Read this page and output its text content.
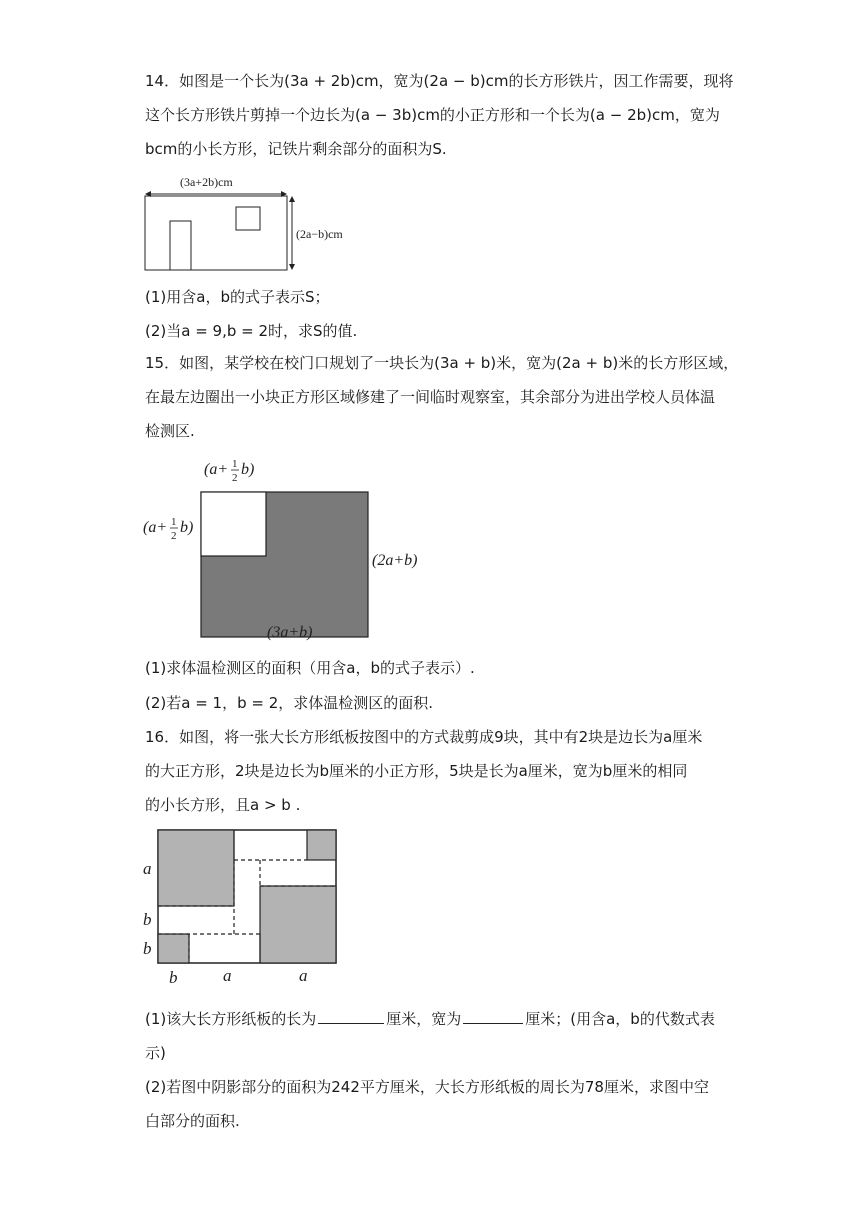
14．如图是一个长为(3a + 2b)cm，宽为(2a − b)cm的长方形铁片，因工作需要，现将
这个长方形铁片剪掉一个边长为(a − 3b)cm的小正方形和一个长为(a − 2b)cm，宽为
bcm的小长方形，记铁片剩余部分的面积为S.
(3a+2b)cm
(2a−b)cm
(1)用含a，b的式子表示S；
(2)当a = 9,b = 2时，求S的值.
15．如图，某学校在校门口规划了一块长为(3a + b)米，宽为(2a + b)米的长方形区域，
在最左边圈出一小块正方形区域修建了一间临时观察室，其余部分为进出学校人员体温
检测区.
(a+ 1
2 b)
(a+ 1
2 b)
(2a+b)
(3a+b)
(1)求体温检测区的面积（用含a，b的式子表示）.
(2)若a = 1，b = 2，求体温检测区的面积.
16．如图，将一张大长方形纸板按图中的方式裁剪成9块，其中有2块是边长为a厘米
的大正方形，2块是边长为b厘米的小正方形，5块是长为a厘米，宽为b厘米的相同
的小长方形，且a > b .
a
b
b
b	a	a
(1)该大长方形纸板的长为	厘米，宽为	厘米；(用含a，b的代数式表
示)
(2)若图中阴影部分的面积为242平方厘米，大长方形纸板的周长为78厘米，求图中空
白部分的面积.
